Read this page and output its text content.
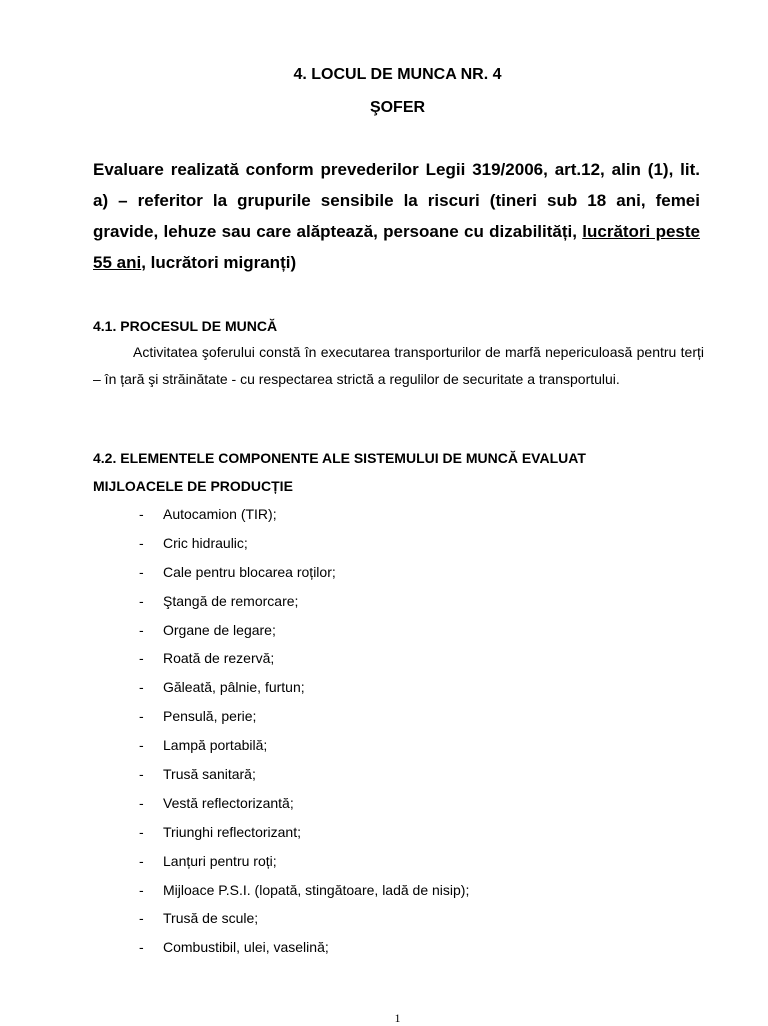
4. LOCUL DE MUNCA NR. 4
ŞOFER
Evaluare realizată conform prevederilor Legii 319/2006, art.12, alin (1), lit. a) – referitor la grupurile sensibile la riscuri (tineri sub 18 ani, femei gravide, lehuze sau care alăptează, persoane cu dizabilități, lucrători peste 55 ani, lucrători migranți)
4.1. PROCESUL DE MUNCĂ
Activitatea şoferului constă în executarea transporturilor de marfă nepericuloasă pentru terți – în țară şi străinătate - cu respectarea strictă a regulilor de securitate a transportului.
4.2. ELEMENTELE COMPONENTE ALE SISTEMULUI DE MUNCĂ EVALUAT
MIJLOACELE DE PRODUCȚIE
- Autocamion (TIR);
- Cric hidraulic;
- Cale pentru blocarea roților;
- Ştangă de remorcare;
- Organe de legare;
- Roată de rezervă;
- Găleată, pâlnie, furtun;
- Pensulă, perie;
- Lampă portabilă;
- Trusă sanitară;
- Vestă reflectorizantă;
- Triunghi reflectorizant;
- Lanțuri pentru roți;
- Mijloace P.S.I. (lopată, stingătoare, ladă de nisip);
- Trusă de scule;
- Combustibil, ulei, vaselină;
1
